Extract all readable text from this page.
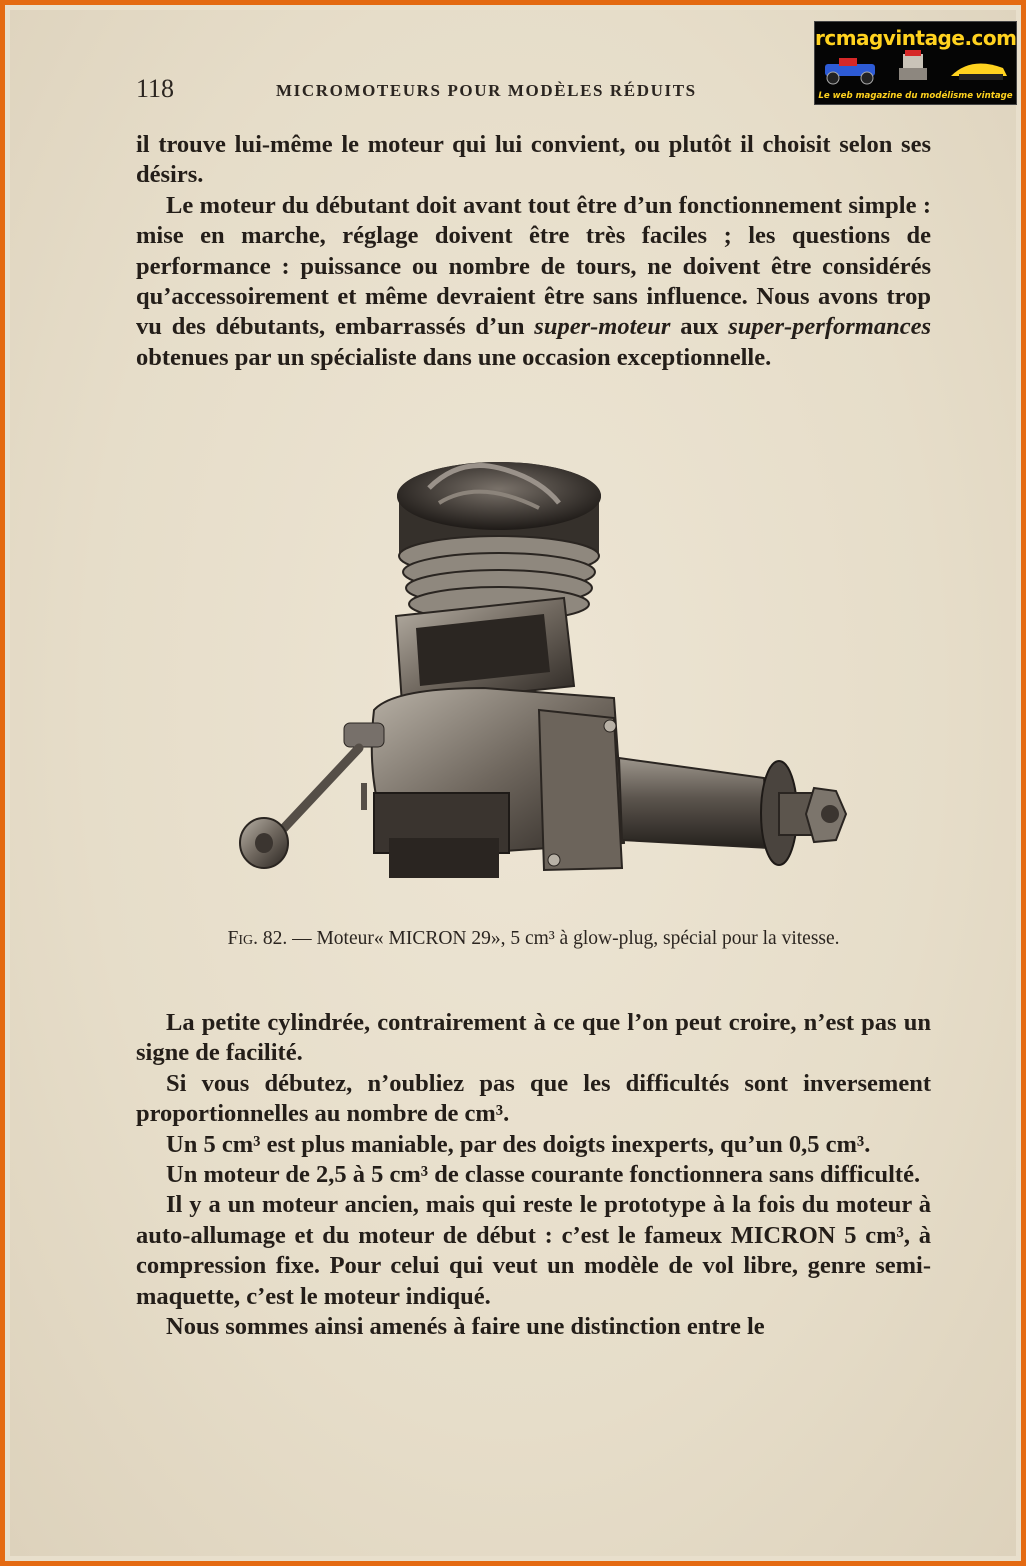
118	MICROMOTEURS POUR MODÈLES RÉDUITS

il trouve lui-même le moteur qui lui convient, ou plutôt il choisit selon ses désirs.

Le moteur du débutant doit avant tout être d’un fonctionnement simple : mise en marche, réglage doivent être très faciles ; les questions de performance : puissance ou nombre de tours, ne doivent être considérés qu’accessoirement et même devraient être sans influence. Nous avons trop vu des débutants, embarrassés d’un super-moteur aux super-performances obtenues par un spécialiste dans une occasion exceptionnelle.

Fig. 82. — Moteur« MICRON 29», 5 cm³ à glow-plug, spécial pour la vitesse.

La petite cylindrée, contrairement à ce que l’on peut croire, n’est pas un signe de facilité.

Si vous débutez, n’oubliez pas que les difficultés sont inversement proportionnelles au nombre de cm³.

Un 5 cm³ est plus maniable, par des doigts inexperts, qu’un 0,5 cm³.

Un moteur de 2,5 à 5 cm³ de classe courante fonctionnera sans difficulté.

Il y a un moteur ancien, mais qui reste le prototype à la fois du moteur à auto-allumage et du moteur de début : c’est le fameux MICRON 5 cm³, à compression fixe. Pour celui qui veut un modèle de vol libre, genre semi-maquette, c’est le moteur indiqué.

Nous sommes ainsi amenés à faire une distinction entre le

rcmagvintage.com
Le web magazine du modélisme vintage
